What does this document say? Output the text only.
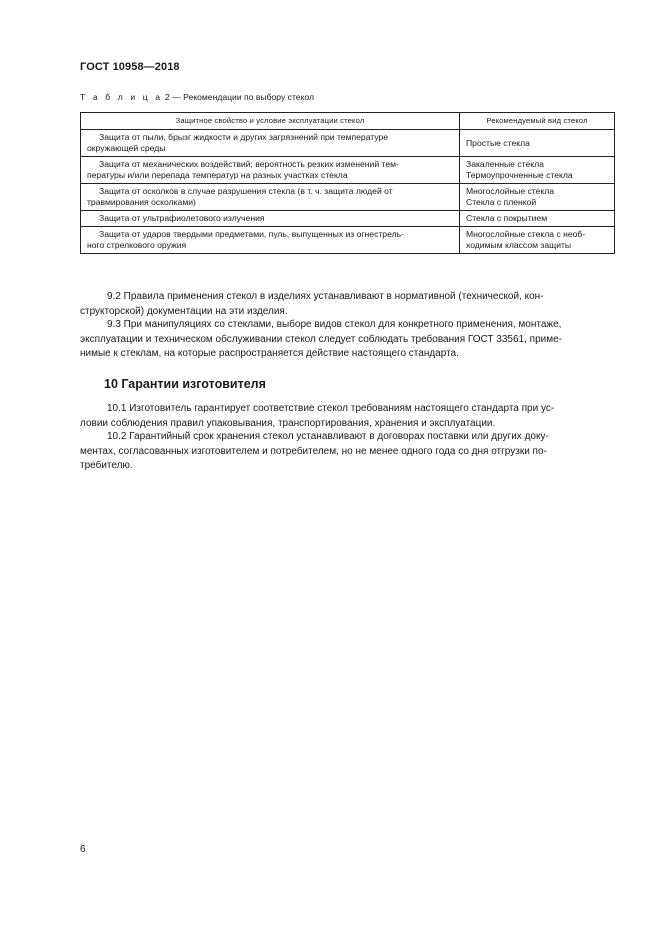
ГОСТ 10958—2018
Т а б л и ц а 2 — Рекомендации по выбору стекол
Защитное свойство и условие эксплуатации стекол	Рекомендуемый вид стекол
Защита от пыли, брызг жидкости и других загрязнений при температуре
окружающей среды	Простые стекла
Защита от механических воздействий; вероятность резких изменений тем-
пературы и/или перепада температур на разных участках стекла	Закаленные стекла
Термоупрочненные стекла
Защита от осколков в случае разрушения стекла (в т. ч. защита людей от
травмирования осколками)	Многослойные стекла
Стекла с пленкой
Защита от ультрафиолетового излучения	Стекла с покрытием
Защита от ударов твердыми предметами, пуль, выпущенных из огнестрель-
ного стрелкового оружия	Многослойные стекла с необ-
ходимым классом защиты
9.2 Правила применения стекол в изделиях устанавливают в нормативной (технической, кон-
структорской) документации на эти изделия.
9.3 При манипуляциях со стеклами, выборе видов стекол для конкретного применения, монтаже,
эксплуатации и техническом обслуживании стекол следует соблюдать требования ГОСТ 33561, приме-
нимые к стеклам, на которые распространяется действие настоящего стандарта.
10 Гарантии изготовителя
10.1 Изготовитель гарантирует соответствие стекол требованиям настоящего стандарта при ус-
ловии соблюдения правил упаковывания, транспортирования, хранения и эксплуатации.
10.2 Гарантийный срок хранения стекол устанавливают в договорах поставки или других доку-
ментах, согласованных изготовителем и потребителем, но не менее одного года со дня отгрузки по-
требителю.
6
